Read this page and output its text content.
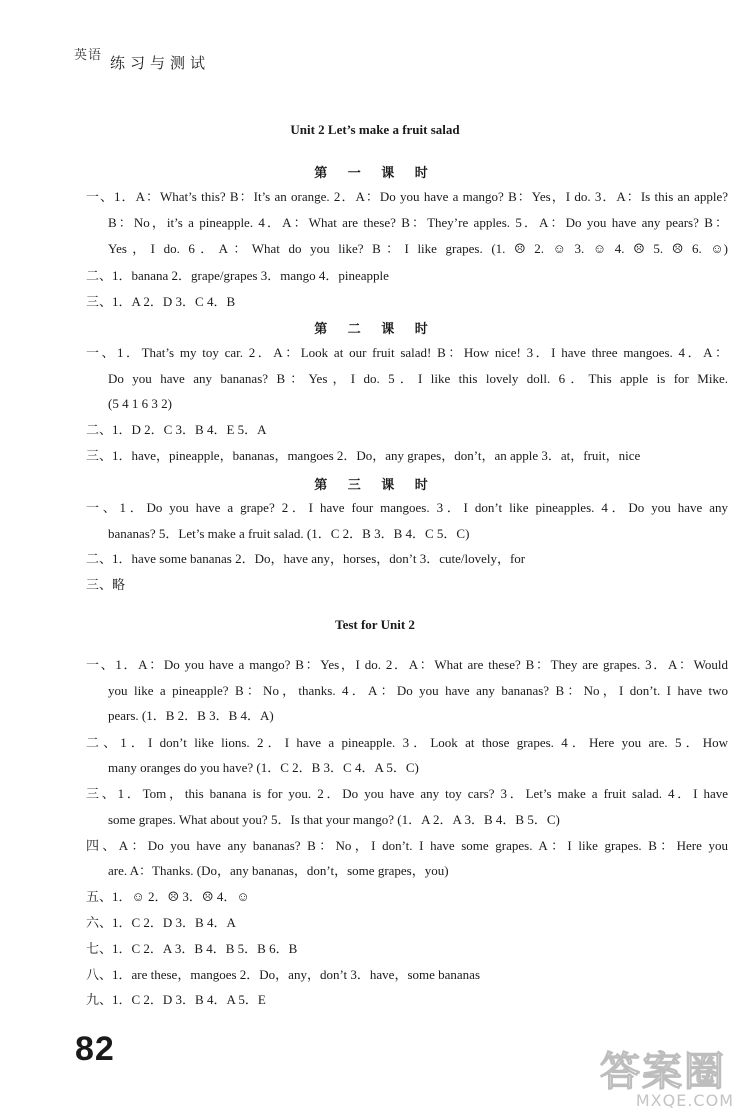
英语 练习与测试
Unit 2 Let’s make a fruit salad
第 一 课 时
一、1．A：What’s this? B：It’s an orange. 2．A：Do you have a mango? B：Yes，I do. 3．A：Is this an apple?
B：No，it’s a pineapple. 4．A：What are these? B：They’re apples. 5．A：Do you have any pears? B：
Yes，I do. 6．A：What do you like? B：I like grapes. (1. ☹ 2. ☺ 3. ☺ 4. ☹ 5. ☹ 6. ☺)
二、1．banana 2．grape/grapes 3．mango 4．pineapple
三、1．A 2．D 3．C 4．B
第 二 课 时
一、1．That’s my toy car. 2．A：Look at our fruit salad! B：How nice! 3．I have three mangoes. 4．A：
Do you have any bananas? B：Yes，I do. 5．I like this lovely doll. 6．This apple is for Mike.
(5 4 1 6 3 2)
二、1．D 2．C 3．B 4．E 5．A
三、1．have，pineapple，bananas，mangoes 2．Do，any grapes，don’t，an apple 3．at，fruit，nice
第 三 课 时
一、1．Do you have a grape? 2．I have four mangoes. 3．I don’t like pineapples. 4．Do you have any
bananas? 5．Let’s make a fruit salad. (1．C 2．B 3．B 4．C 5．C)
二、1．have some bananas 2．Do，have any，horses，don’t 3．cute/lovely，for
三、略
Test for Unit 2
一、1．A：Do you have a mango? B：Yes，I do. 2．A：What are these? B：They are grapes. 3．A：Would
you like a pineapple? B：No，thanks. 4．A：Do you have any bananas? B：No，I don’t. I have two
pears. (1．B 2．B 3．B 4．A)
二、1．I don’t like lions. 2．I have a pineapple. 3．Look at those grapes. 4．Here you are. 5．How
many oranges do you have? (1．C 2．B 3．C 4．A 5．C)
三、1．Tom，this banana is for you. 2．Do you have any toy cars? 3．Let’s make a fruit salad. 4．I have
some grapes. What about you? 5．Is that your mango? (1．A 2．A 3．B 4．B 5．C)
四、A：Do you have any bananas? B：No，I don’t. I have some grapes. A：I like grapes. B：Here you
are. A：Thanks. (Do，any bananas，don’t，some grapes，you)
五、1．☺ 2．☹ 3．☹ 4．☺
六、1．C 2．D 3．B 4．A
七、1．C 2．A 3．B 4．B 5．B 6．B
八、1．are these，mangoes 2．Do，any，don’t 3．have，some bananas
九、1．C 2．D 3．B 4．A 5．E
82	答案圈
MXQE.COM
